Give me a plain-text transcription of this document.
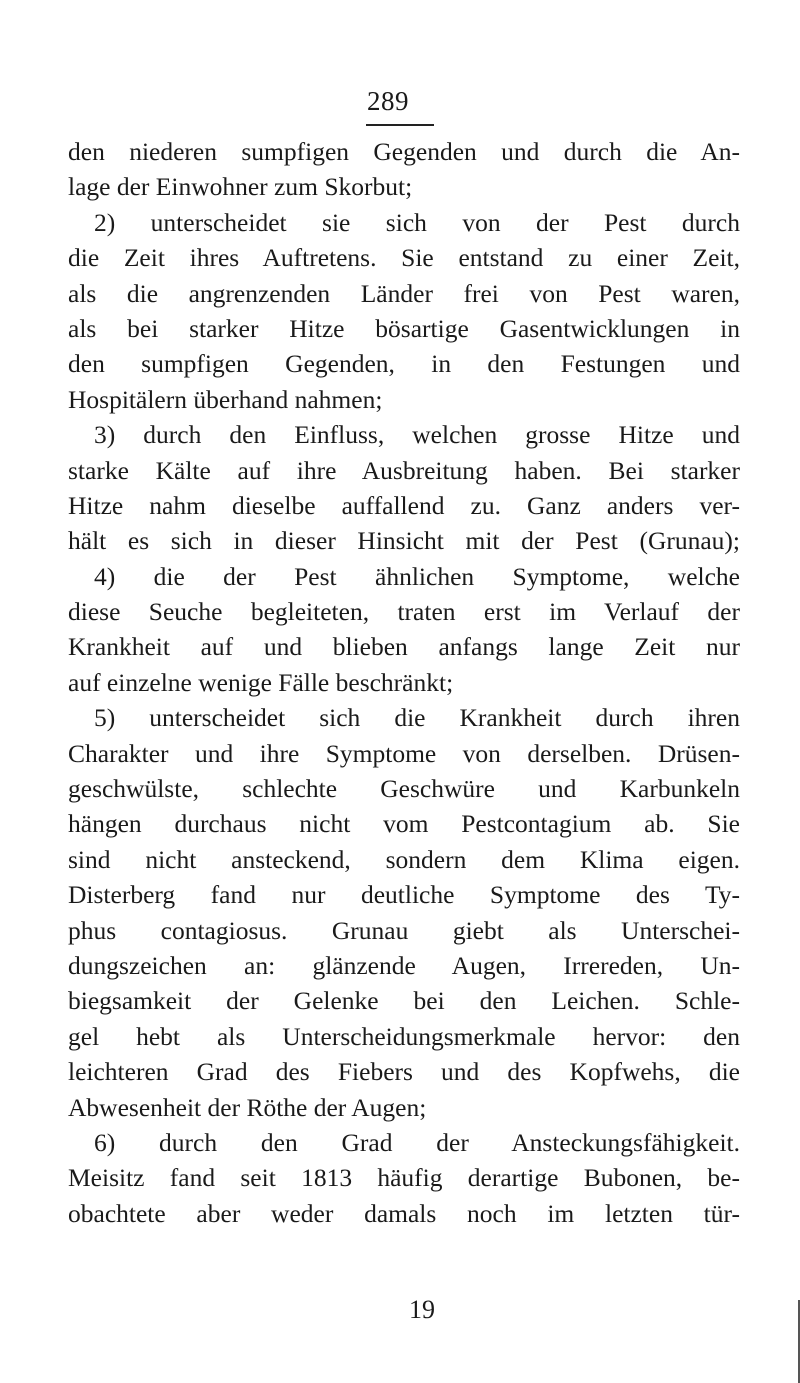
289
den niederen sumpfigen Gegenden und durch die An-
lage der Einwohner zum Skorbut;
2) unterscheidet sie sich von der Pest durch
die Zeit ihres Auftretens. Sie entstand zu einer Zeit,
als die angrenzenden Länder frei von Pest waren,
als bei starker Hitze bösartige Gasentwicklungen in
den sumpfigen Gegenden, in den Festungen und
Hospitälern überhand nahmen;
3) durch den Einfluss, welchen grosse Hitze und
starke Kälte auf ihre Ausbreitung haben. Bei starker
Hitze nahm dieselbe auffallend zu. Ganz anders ver-
hält es sich in dieser Hinsicht mit der Pest (Grunau);
4) die der Pest ähnlichen Symptome, welche
diese Seuche begleiteten, traten erst im Verlauf der
Krankheit auf und blieben anfangs lange Zeit nur
auf einzelne wenige Fälle beschränkt;
5) unterscheidet sich die Krankheit durch ihren
Charakter und ihre Symptome von derselben. Drüsen-
geschwülste, schlechte Geschwüre und Karbunkeln
hängen durchaus nicht vom Pestcontagium ab. Sie
sind nicht ansteckend, sondern dem Klima eigen.
Disterberg fand nur deutliche Symptome des Ty-
phus contagiosus. Grunau giebt als Unterschei-
dungszeichen an: glänzende Augen, Irrereden, Un-
biegsamkeit der Gelenke bei den Leichen. Schle-
gel hebt als Unterscheidungsmerkmale hervor: den
leichteren Grad des Fiebers und des Kopfwehs, die
Abwesenheit der Röthe der Augen;
6) durch den Grad der Ansteckungsfähigkeit.
Meisitz fand seit 1813 häufig derartige Bubonen, be-
obachtete aber weder damals noch im letzten tür-
19
